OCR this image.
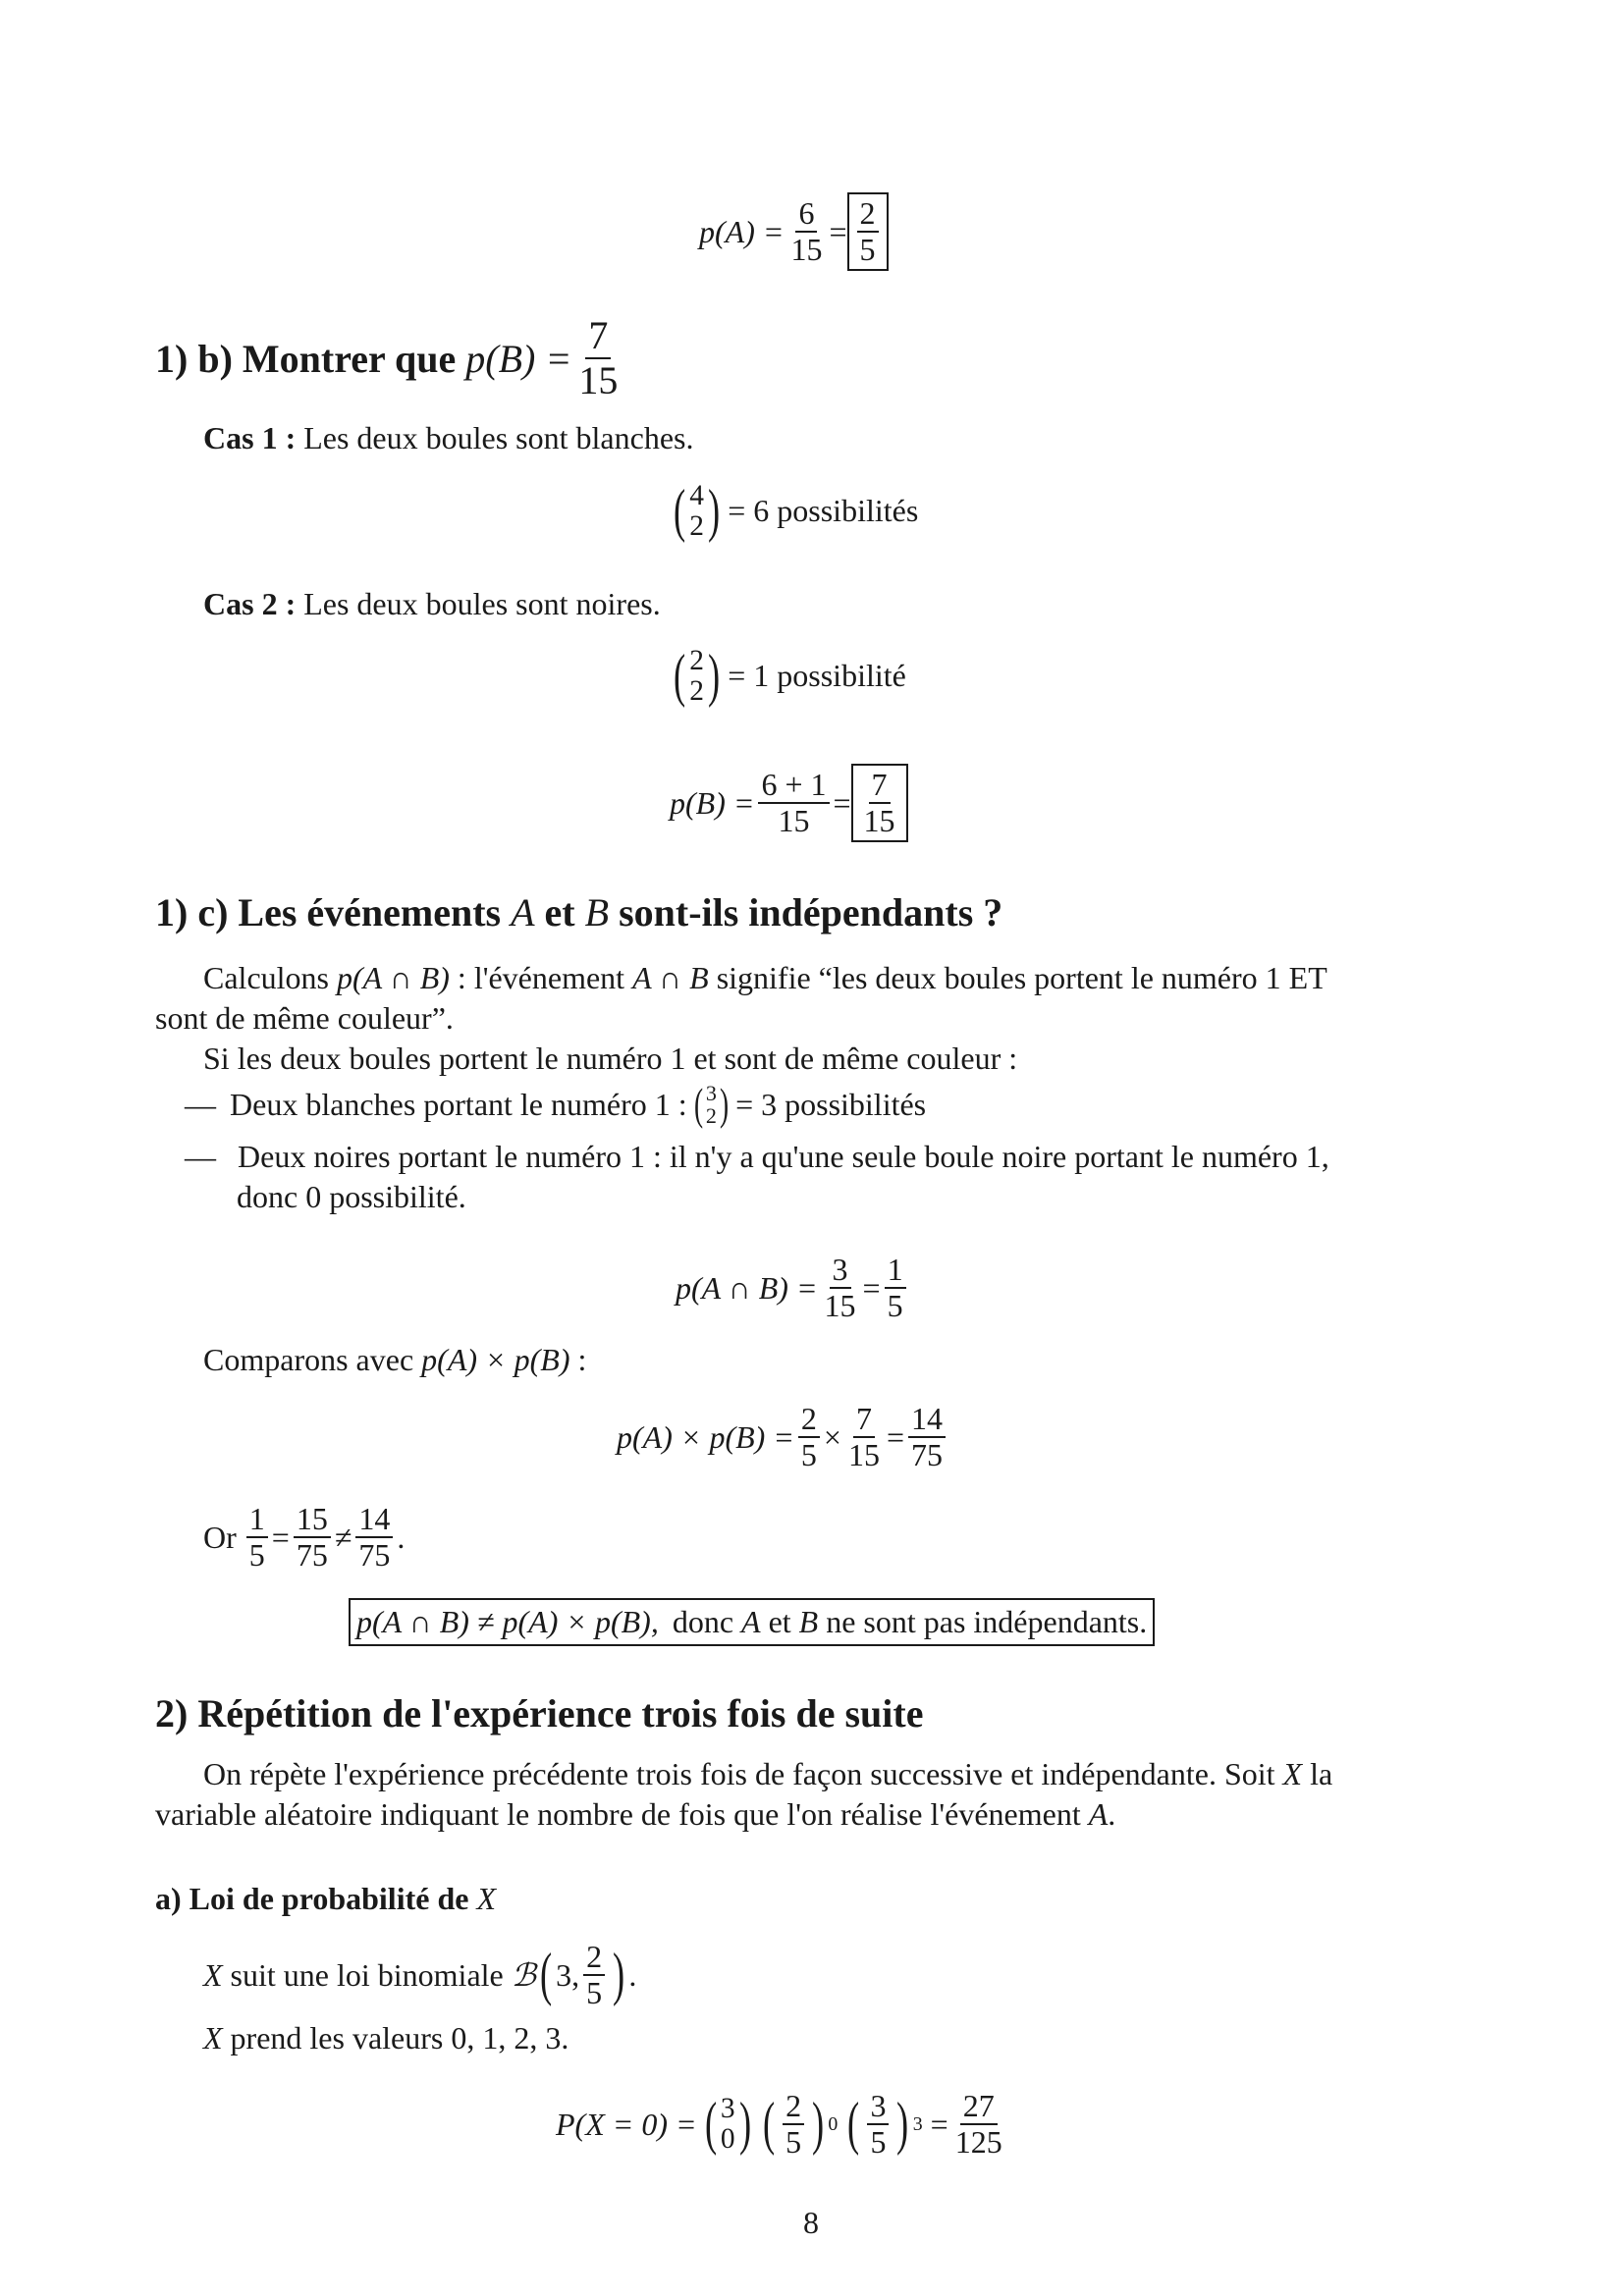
$p(A) = \frac{6}{15} = \frac{2}{5}$
1) b) Montrer que $p(B) = \frac{7}{15}$
Cas 1 : Les deux boules sont blanches.
( 4
2 ) = 6 possibilités
Cas 2 : Les deux boules sont noires.
( 2
2 ) = 1 possibilité
$p(B) = \frac{6 + 1}{15} = \frac{7}{15}$
1) c) Les événements A et B sont-ils indépendants ?
Calculons p(A ∩ B) : l'événement A ∩ B signifie “les deux boules portent le numéro 1 ET
sont de même couleur”.
Si les deux boules portent le numéro 1 et sont de même couleur :
— Deux blanches portant le numéro 1 : ( 3
2 ) = 3 possibilités
— Deux noires portant le numéro 1 : il n'y a qu'une seule boule noire portant le numéro 1,
donc 0 possibilité.
p(A ∩ $B) = \frac{3}{15} = \frac{1}{5}$
Comparons avec p(A) × p(B) :
$p(A) \times p(B) = \frac{2}{5} \times \frac{7}{15} = \frac{14}{75}$
Or $\frac{1}{5} = \frac{15}{75} \ne \frac{14}{75}$ .
p(A ∩ B) ≠ p(A) × p(B), donc A et B ne sont pas indépendants.
2) Répétition de l'expérience trois fois de suite
On répète l'expérience précédente trois fois de façon successive et indépendante. Soit X la
variable aléatoire indiquant le nombre de fois que l'on réalise l'événement A.
a) Loi de probabilité de X
X suit une loi binomiale ℬ ( 3, $\frac{2}{5}$ ) .
X prend les valeurs 0, 1, 2, 3.
P(X = 0) = ( 3
0 ) ( $\frac{2}{5}$ ) 0 ( $\frac{3}{5}$ ) $3 = \frac{27}{125}$
8
